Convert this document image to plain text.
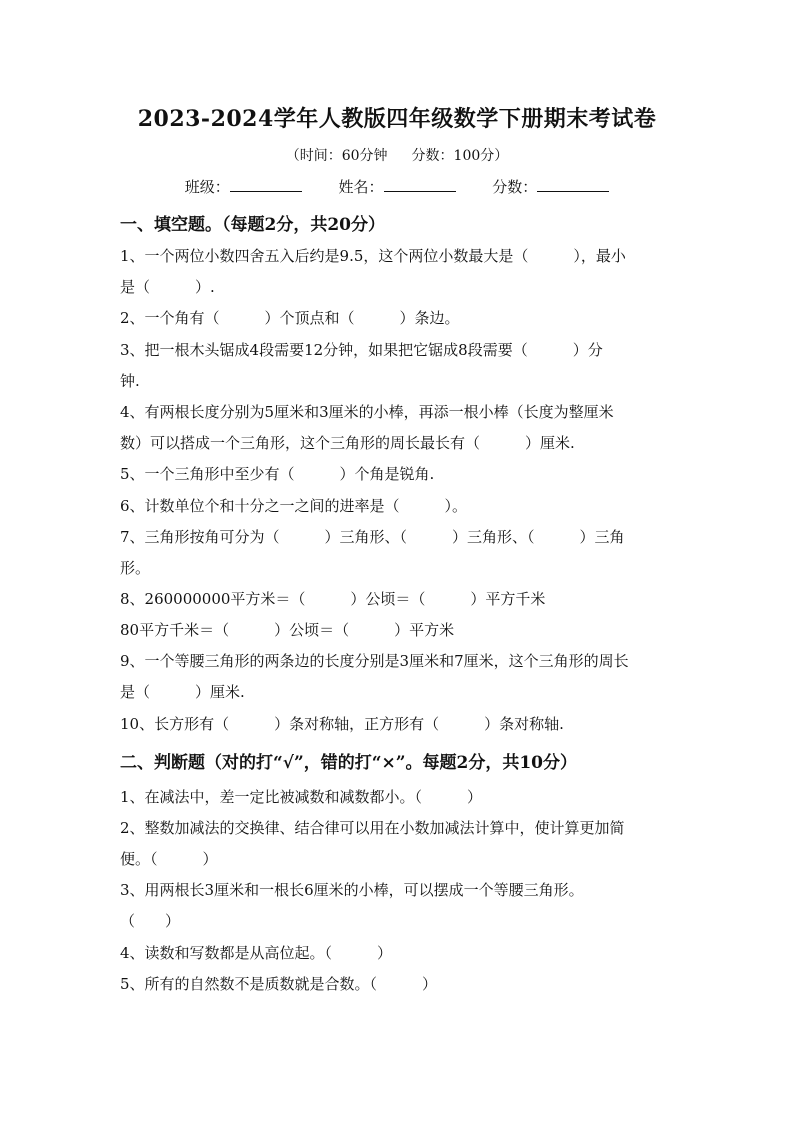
2023-2024学年人教版四年级数学下册期末考试卷
（时间：60分钟 分数：100分）
班级：	姓名：	分数：
一、填空题。（每题2分，共20分）
1、一个两位小数四舍五入后约是9.5，这个两位小数最大是（　　　），最小
是（　　　）.
2、一个角有（　　　）个顶点和（　　　）条边。
3、把一根木头锯成4段需要12分钟，如果把它锯成8段需要（　　　）分
钟.
4、有两根长度分别为5厘米和3厘米的小棒，再添一根小棒（长度为整厘米
数）可以搭成一个三角形，这个三角形的周长最长有（　　　）厘米.
5、一个三角形中至少有（　　　）个角是锐角.
6、计数单位个和十分之一之间的进率是（　　　）。
7、三角形按角可分为（　　　）三角形、（　　　）三角形、（　　　）三角
形。
8、260000000平方米＝（　　　）公顷＝（　　　）平方千米
80平方千米＝（　　　）公顷＝（　　　）平方米
9、一个等腰三角形的两条边的长度分别是3厘米和7厘米，这个三角形的周长
是（　　　）厘米.
10、长方形有（　　　）条对称轴，正方形有（　　　）条对称轴.
二、判断题（对的打“√”，错的打“×”。每题2分，共10分）
1、在减法中，差一定比被减数和减数都小。（　　　）
2、整数加减法的交换律、结合律可以用在小数加减法计算中，使计算更加简
便。（　　　）
3、用两根长3厘米和一根长6厘米的小棒，可以摆成一个等腰三角形。
（　　）
4、读数和写数都是从高位起。（　　　）
5、所有的自然数不是质数就是合数。（　　　）
